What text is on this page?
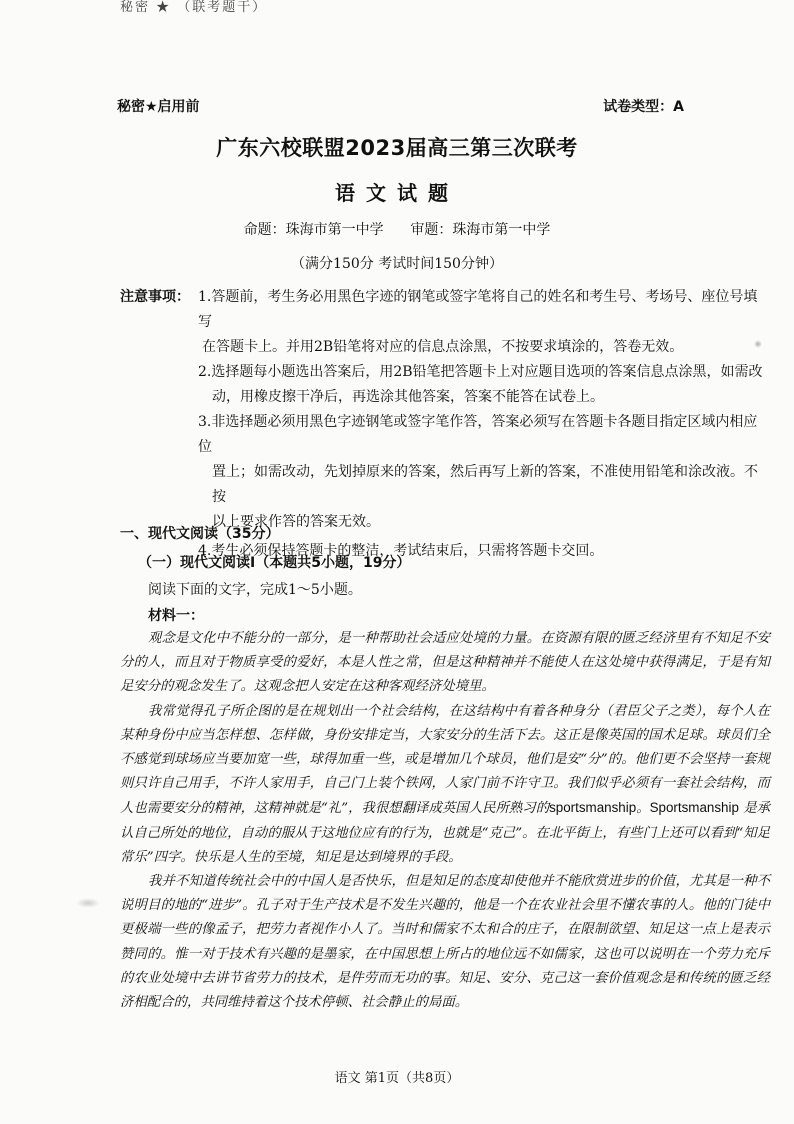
秘密 ★ （联考题干）
秘密★启用前	试卷类型：A
广东六校联盟2023届高三第三次联考
语文试题
命题：珠海市第一中学      审题：珠海市第一中学
（满分150分 考试时间150分钟）
注意事项： 1.答题前，考生务必用黑色字迹的钢笔或签字笔将自己的姓名和考生号、考场号、座位号填写
在答题卡上。并用2B铅笔将对应的信息点涂黑，不按要求填涂的，答卷无效。
2.选择题每小题选出答案后，用2B铅笔把答题卡上对应题目选项的答案信息点涂黑，如需改
动，用橡皮擦干净后，再选涂其他答案，答案不能答在试卷上。
3.非选择题必须用黑色字迹钢笔或签字笔作答，答案必须写在答题卡各题目指定区域内相应位
置上；如需改动，先划掉原来的答案，然后再写上新的答案，不准使用铅笔和涂改液。不按
以上要求作答的答案无效。
4.考生必须保持答题卡的整洁，考试结束后，只需将答题卡交回。
一、现代文阅读（35分）
（一）现代文阅读Ⅰ（本题共5小题，19分）
阅读下面的文字，完成1～5小题。
材料一：

观念是文化中不能分的一部分，是一种帮助社会适应处境的力量。在资源有限的匮乏经济里有不知足不安分的人，而且对于物质享受的爱好，本是人性之常，但是这种精神并不能使人在这处境中获得满足，于是有知足安分的观念发生了。这观念把人安定在这种客观经济处境里。

我常觉得孔子所企图的是在规划出一个社会结构，在这结构中有着各种身分（君臣父子之类），每个人在某种身份中应当怎样想、怎样做，身份安排定当，大家安分的生活下去。这正是像英国的国术足球。球员们全不感觉到球场应当要加宽一些，球得加重一些，或是增加几个球员，他们是安“分”的。他们更不会坚持一套规则只许自己用手，不许人家用手，自己门上装个铁网，人家门前不许守卫。我们似乎必须有一套社会结构，而人也需要安分的精神，这精神就是“礼”，我很想翻译成英国人民所熟习的sportsmanship。Sportsmanship 是承认自己所处的地位，自动的服从于这地位应有的行为，也就是“克己”。在北平街上，有些门上还可以看到“知足常乐”四字。快乐是人生的至境，知足是达到境界的手段。

我并不知道传统社会中的中国人是否快乐，但是知足的态度却使他并不能欣赏进步的价值，尤其是一种不说明目的地的“进步”。孔子对于生产技术是不发生兴趣的，他是一个在农业社会里不懂农事的人。他的门徒中更极端一些的像孟子，把劳力者视作小人了。当时和儒家不太和合的庄子，在限制欲望、知足这一点上是表示赞同的。惟一对于技术有兴趣的是墨家，在中国思想上所占的地位远不如儒家，这也可以说明在一个劳力充斥的农业处境中去讲节省劳力的技术，是件劳而无功的事。知足、安分、克己这一套价值观念是和传统的匮乏经济相配合的，共同维持着这个技术停顿、社会静止的局面。

语文 第1页（共8页）
